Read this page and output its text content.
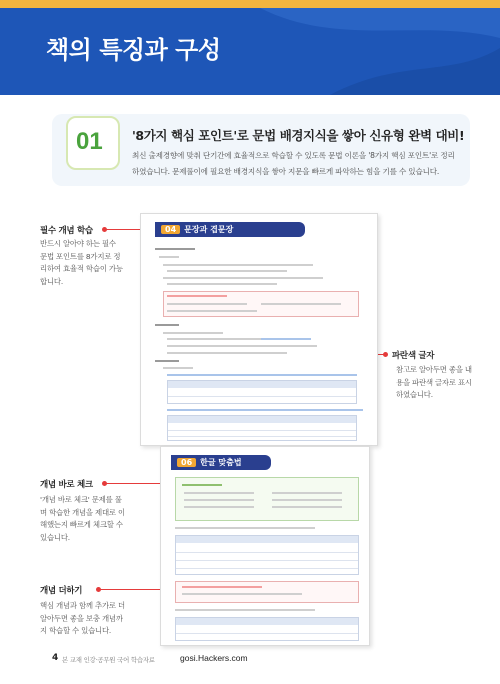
책의 특징과 구성
01 '8가지 핵심 포인트'로 문법 배경지식을 쌓아 신유형 완벽 대비!
최신 출제경향에 맞춰 단기간에 효율적으로 학습할 수 있도록 문법 이론을 '8가지 핵심 포인트'로 정리하였습니다. 문제풀이에 필요한 배경지식을 쌓아 지문을 빠르게 파악하는 힘을 기를 수 있습니다.
필수 개념 학습
반드시 알아야 하는 필수 문법 포인트를 8가지로 정리하여 효율적 학습이 가능합니다.
파란색 글자
참고로 알아두면 좋을 내용을 파란색 글자로 표시하였습니다.
개념 바로 체크
'개념 바로 체크' 문제를 풀며 학습한 개념을 제대로 이해했는지 빠르게 체크할 수 있습니다.
개념 더하기
핵심 개념과 함께 추가로 더 알아두면 좋을 보충 개념까지 학습할 수 있습니다.
04 문장과 겹문장
06 한글 맞춤법
4 본 교재 인강·공무원 국어 학습자료	gosi.Hackers.com
